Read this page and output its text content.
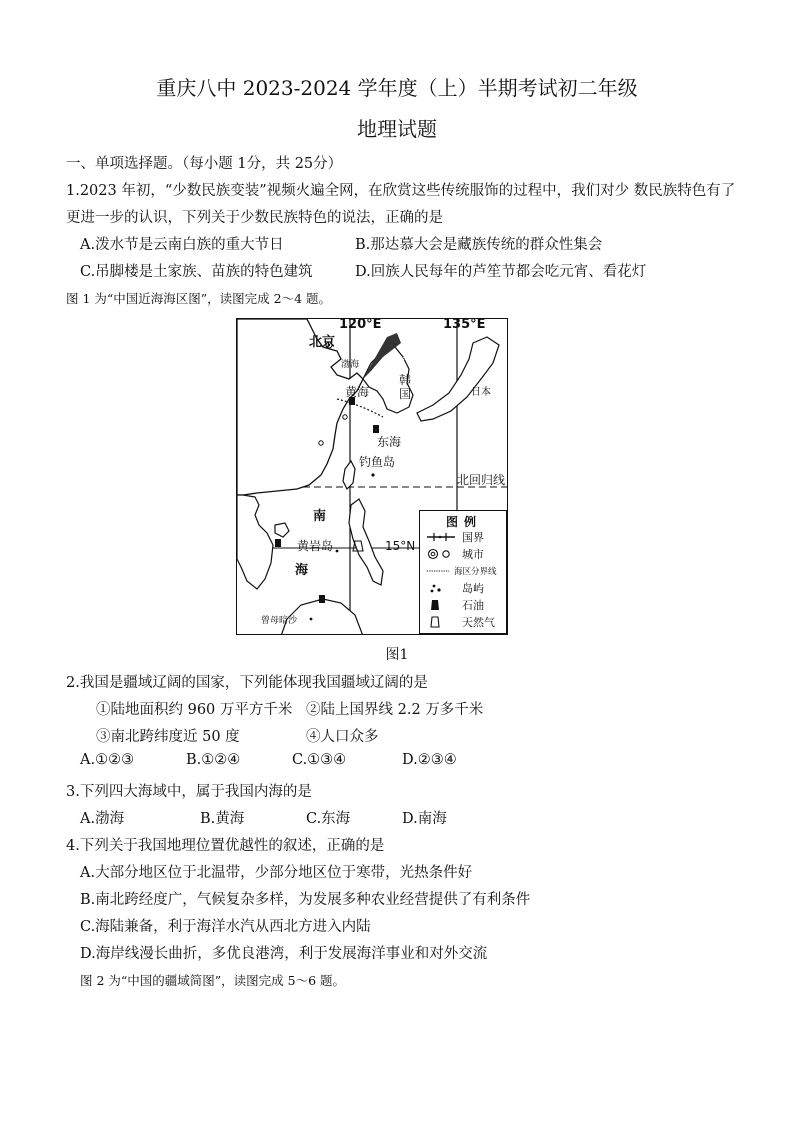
重庆八中 2023-2024 学年度（上）半期考试初二年级
地理试题
一、单项选择题。（每小题 1分，共 25分）
1.2023 年初，“少数民族变装”视频火遍全网，在欣赏这些传统服饰的过程中，我们对少 数民族特色有了
更进一步的认识，下列关于少数民族特色的说法，正确的是
A.泼水节是云南白族的重大节日	B.那达慕大会是藏族传统的群众性集会
C.吊脚楼是土家族、苗族的特色建筑	D.回族人民每年的芦笙节都会吃元宵、看花灯
图 1 为“中国近海海区图”，读图完成 2～4 题。
120°E	135°E
北京
渤海	朝鲜
韩
国
黄海	日本
东海
钓鱼岛
北回归线
南
海
黄岩岛	15°N
曾母暗沙
图例
国界
城市
海区分界线
岛屿
石油
天然气
图1
2.我国是疆域辽阔的国家，下列能体现我国疆域辽阔的是
①陆地面积约 960 万平方千米 ②陆上国界线 2.2 万多千米
③南北跨纬度近 50 度	④人口众多
A.①②③	B.①②④	C.①③④	D.②③④
3.下列四大海域中，属于我国内海的是
A.渤海	B.黄海	C.东海	D.南海
4.下列关于我国地理位置优越性的叙述，正确的是
A.大部分地区位于北温带，少部分地区位于寒带，光热条件好
B.南北跨经度广，气候复杂多样，为发展多种农业经营提供了有利条件
C.海陆兼备，利于海洋水汽从西北方进入内陆
D.海岸线漫长曲折，多优良港湾，利于发展海洋事业和对外交流
图 2 为“中国的疆域简图”，读图完成 5～6 题。
